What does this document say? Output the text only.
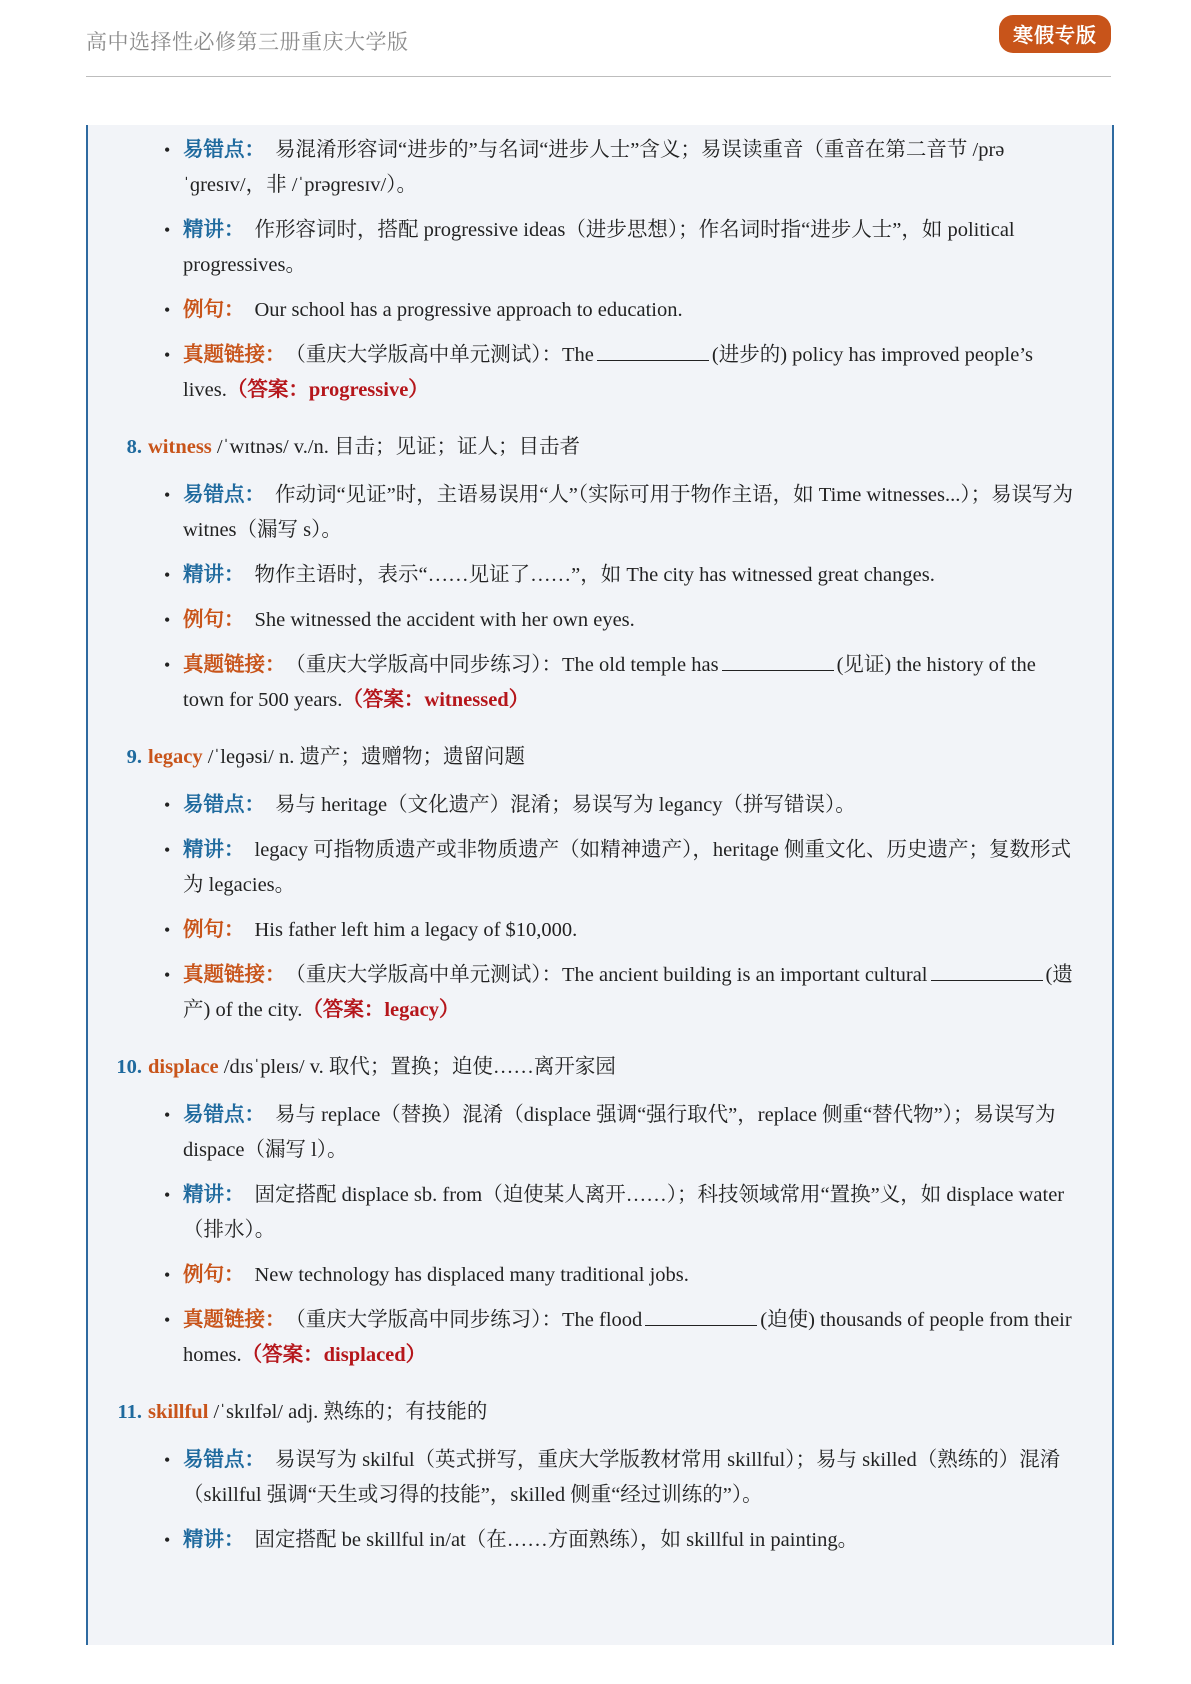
高中选择性必修第三册重庆大学版	寒假专版
• 易错点： 易混淆形容词“进步的”与名词“进步人士”含义；易误读重音（重音在第二音节 /prəˈɡresɪv/，非 /ˈprəɡresɪv/）。
• 精讲： 作形容词时，搭配 progressive ideas（进步思想）；作名词时指“进步人士”，如 political progressives。
• 例句： Our school has a progressive approach to education.
• 真题链接： （重庆大学版高中单元测试）：The	(进步的) policy has improved people’s lives.（答案：progressive）
8. witness /ˈwɪtnəs/ v./n. 目击；见证；证人；目击者
• 易错点： 作动词“见证”时，主语易误用“人”（实际可用于物作主语，如 Time witnesses...）；易误写为 witnes（漏写 s）。
• 精讲： 物作主语时，表示“……见证了……”，如 The city has witnessed great changes.
• 例句： She witnessed the accident with her own eyes.
• 真题链接： （重庆大学版高中同步练习）：The old temple has	(见证) the history of the town for 500 years.（答案：witnessed）
9. legacy /ˈleɡəsi/ n. 遗产；遗赠物；遗留问题
• 易错点： 易与 heritage（文化遗产）混淆；易误写为 legancy（拼写错误）。
• 精讲： legacy 可指物质遗产或非物质遗产（如精神遗产），heritage 侧重文化、历史遗产；复数形式为 legacies。
• 例句： His father left him a legacy of $10,000.
• 真题链接： （重庆大学版高中单元测试）：The ancient building is an important cultural	(遗产) of the city.（答案：legacy）
10. displace /dɪsˈpleɪs/ v. 取代；置换；迫使……离开家园
• 易错点： 易与 replace（替换）混淆（displace 强调“强行取代”，replace 侧重“替代物”）；易误写为 dispace（漏写 l）。
• 精讲： 固定搭配 displace sb. from（迫使某人离开……）；科技领域常用“置换”义，如 displace water（排水）。
• 例句： New technology has displaced many traditional jobs.
• 真题链接： （重庆大学版高中同步练习）：The flood	(迫使) thousands of people from their homes.（答案：displaced）
11. skillful /ˈskɪlfəl/ adj. 熟练的；有技能的
• 易错点： 易误写为 skilful（英式拼写，重庆大学版教材常用 skillful）；易与 skilled（熟练的）混淆（skillful 强调“天生或习得的技能”，skilled 侧重“经过训练的”）。
• 精讲： 固定搭配 be skillful in/at（在……方面熟练），如 skillful in painting。
